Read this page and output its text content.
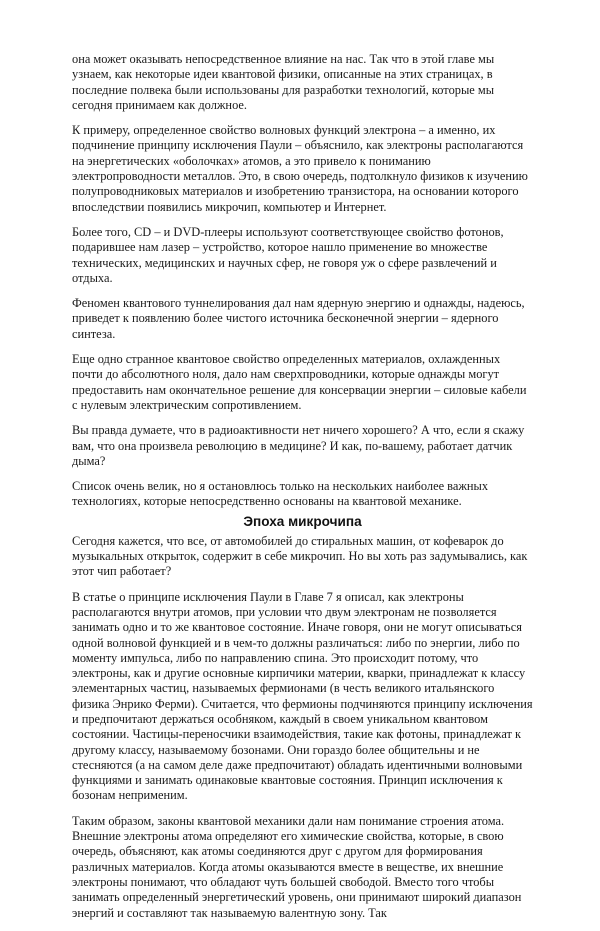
она может оказывать непосредственное влияние на нас. Так что в этой главе мы узнаем, как некоторые идеи квантовой физики, описанные на этих страницах, в последние полвека были использованы для разработки технологий, которые мы сегодня принимаем как должное.

К примеру, определенное свойство волновых функций электрона – а именно, их подчинение принципу исключения Паули – объяснило, как электроны располагаются на энергетических «оболочках» атомов, а это привело к пониманию электропроводности металлов. Это, в свою очередь, подтолкнуло физиков к изучению полупроводниковых материалов и изобретению транзистора, на основании которого впоследствии появились микрочип, компьютер и Интернет.

Более того, CD – и DVD-плееры используют соответствующее свойство фотонов, подарившее нам лазер – устройство, которое нашло применение во множестве технических, медицинских и научных сфер, не говоря уж о сфере развлечений и отдыха.

Феномен квантового туннелирования дал нам ядерную энергию и однажды, надеюсь, приведет к появлению более чистого источника бесконечной энергии – ядерного синтеза.

Еще одно странное квантовое свойство определенных материалов, охлажденных почти до абсолютного ноля, дало нам сверхпроводники, которые однажды могут предоставить нам окончательное решение для консервации энергии – силовые кабели с нулевым электрическим сопротивлением.

Вы правда думаете, что в радиоактивности нет ничего хорошего? А что, если я скажу вам, что она произвела революцию в медицине? И как, по-вашему, работает датчик дыма?

Список очень велик, но я остановлюсь только на нескольких наиболее важных технологиях, которые непосредственно основаны на квантовой механике.

Эпоха микрочипа

Сегодня кажется, что все, от автомобилей до стиральных машин, от кофеварок до музыкальных открыток, содержит в себе микрочип. Но вы хоть раз задумывались, как этот чип работает?

В статье о принципе исключения Паули в Главе 7 я описал, как электроны располагаются внутри атомов, при условии что двум электронам не позволяется занимать одно и то же квантовое состояние. Иначе говоря, они не могут описываться одной волновой функцией и в чем-то должны различаться: либо по энергии, либо по моменту импульса, либо по направлению спина. Это происходит потому, что электроны, как и другие основные кирпичики материи, кварки, принадлежат к классу элементарных частиц, называемых фермионами (в честь великого итальянского физика Энрико Ферми). Считается, что фермионы подчиняются принципу исключения и предпочитают держаться особняком, каждый в своем уникальном квантовом состоянии. Частицы-переносчики взаимодействия, такие как фотоны, принадлежат к другому классу, называемому бозонами. Они гораздо более общительны и не стесняются (а на самом деле даже предпочитают) обладать идентичными волновыми функциями и занимать одинаковые квантовые состояния. Принцип исключения к бозонам неприменим.

Таким образом, законы квантовой механики дали нам понимание строения атома. Внешние электроны атома определяют его химические свойства, которые, в свою очередь, объясняют, как атомы соединяются друг с другом для формирования различных материалов. Когда атомы оказываются вместе в веществе, их внешние электроны понимают, что обладают чуть большей свободой. Вместо того чтобы занимать определенный энергетический уровень, они принимают широкий диапазон энергий и составляют так называемую валентную зону. Так
